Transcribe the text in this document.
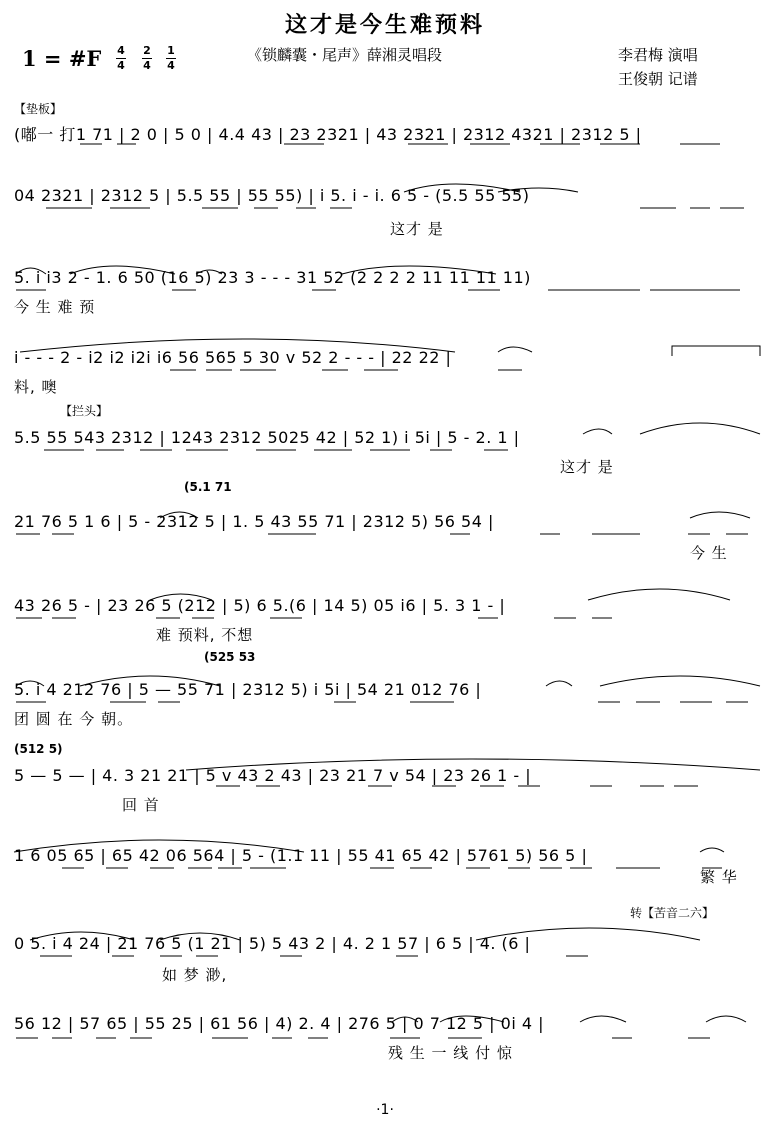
这才是今生难预料
1 = #F 4
4
2
4
1
4
《锁麟囊・尾声》薛湘灵唱段	李君梅 演唱
王俊朝 记谱
【垫板】
【拦头】
转【苦音二六】
(嘟一 打1 71 | 2 0 | 5 0 | 4.4 43 | 23 2321 | 43 2321 | 2312 4321 | 2312 5 |
04 2321 | 2312 5 | 5.5 55 | 55 55) | i 5. i - i. 6 5 - (5.5 55 55)
这才 是
5. i i3 2 - 1. 6 50 (16 5) 23 3 - - - 31 52 (2 2 2 2 11 11 11 11)
今 生 难 预
i - - - 2 - i2 i2 i2i i6 56 565 5 30 v 52 2 - - - | 22 22 |
料, 噢
5.5 55 543 2312 | 1243 2312 5025 42 | 52 1) i 5i | 5 - 2. 1 |
这才 是
(5.1 71
21 76 5 1 6 | 5 - 2312 5 | 1. 5 43 55 71 | 2312 5) 56 54 |
今 生
43 26 5 - | 23 26 5 (212 | 5) 6 5.(6 | 14 5) 05 i6 | 5. 3 1 - |
难 预料, 不想
(525 53
5. i 4 212 76 | 5 — 55 71 | 2312 5) i 5i | 54 21 012 76 |
团 圆 在 今 朝。
(512 5)
5 — 5 — | 4. 3 21 21 | 5 v 43 2 43 | 23 21 7 v 54 | 23 26 1 - |
回 首
1 6 05 65 | 65 42 06 564 | 5 - (1.1 11 | 55 41 65 42 | 5761 5) 56 5 |
繁 华
0 5. i 4 24 | 21 76 5 (1 21 | 5) 5 43 2 | 4. 2 1 57 | 6 5 | 4. (6 |
如 梦 渺,
56 12 | 57 65 | 55 25 | 61 56 | 4) 2. 4 | 276 5 | 0 7 12 5 | 0i 4 |
残 生 一 线 付 惊
·1·
